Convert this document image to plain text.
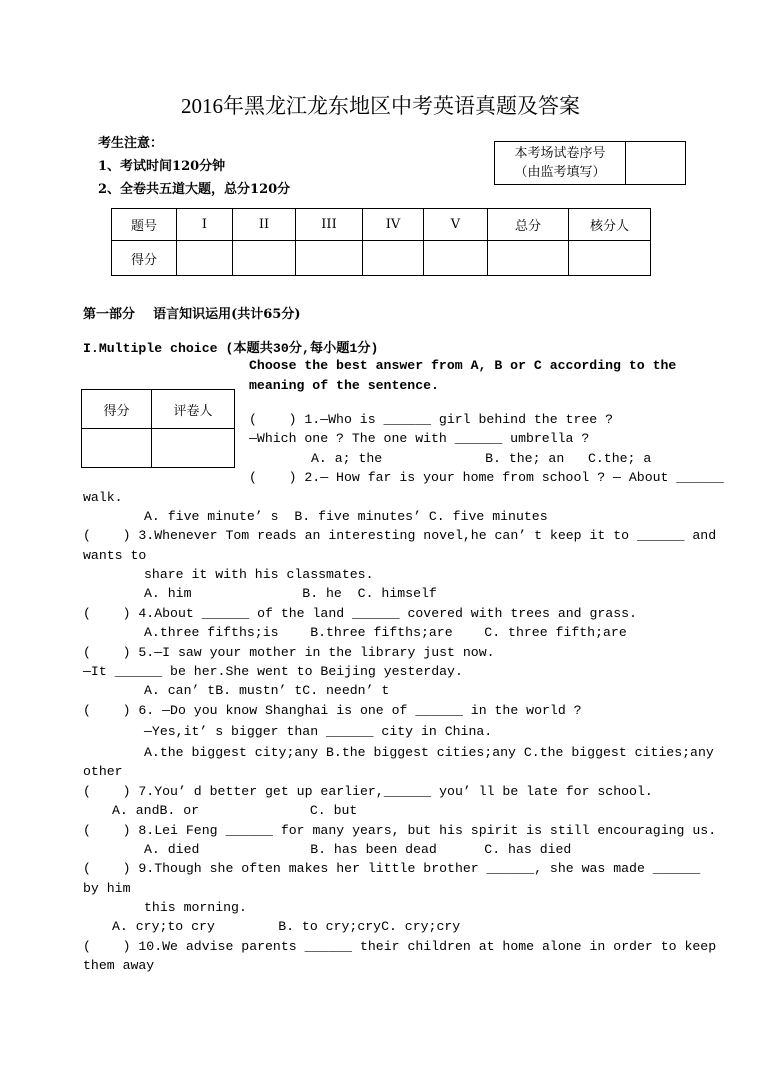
2016年黑龙江龙东地区中考英语真题及答案
考生注意：
1、考试时间120分钟
2、全卷共五道大题，总分120分
本考场试卷序号
（由监考填写）

题号	I	II	III	IV	V	总分	核分人
得分							
第一部分    语言知识运用(共计65分)
I.Multiple choice (本题共30分,每小题1分)
Choose the best answer from A, B or C according to the
meaning of the sentence.
得分	评卷人

(    ) 1.—Who is ______ girl behind the tree ?
—Which one ? The one with ______ umbrella ?
A. a; the             B. the; an   C.the; a
(    ) 2.— How far is your home from school ? — About ______
walk.
A. five minute’ s  B. five minutes’ C. five minutes
(    ) 3.Whenever Tom reads an interesting novel,he can’ t keep it to ______ and
wants to
share it with his classmates.
A. him              B. he  C. himself
(    ) 4.About ______ of the land ______ covered with trees and grass.
A.three fifths;is    B.three fifths;are    C. three fifth;are
(    ) 5.—I saw your mother in the library just now.
—It ______ be her.She went to Beijing yesterday.
A. can’ tB. mustn’ tC. needn’ t
(    ) 6. —Do you know Shanghai is one of ______ in the world ?
—Yes,it’ s bigger than ______ city in China.
A.the biggest city;any B.the biggest cities;any C.the biggest cities;any
other
(    ) 7.You’ d better get up earlier,______ you’ ll be late for school.
A. andB. or              C. but
(    ) 8.Lei Feng ______ for many years, but his spirit is still encouraging us.
A. died              B. has been dead      C. has died
(    ) 9.Though she often makes her little brother ______, she was made ______
by him
this morning.
A. cry;to cry        B. to cry;cryC. cry;cry
(    ) 10.We advise parents ______ their children at home alone in order to keep
them away
